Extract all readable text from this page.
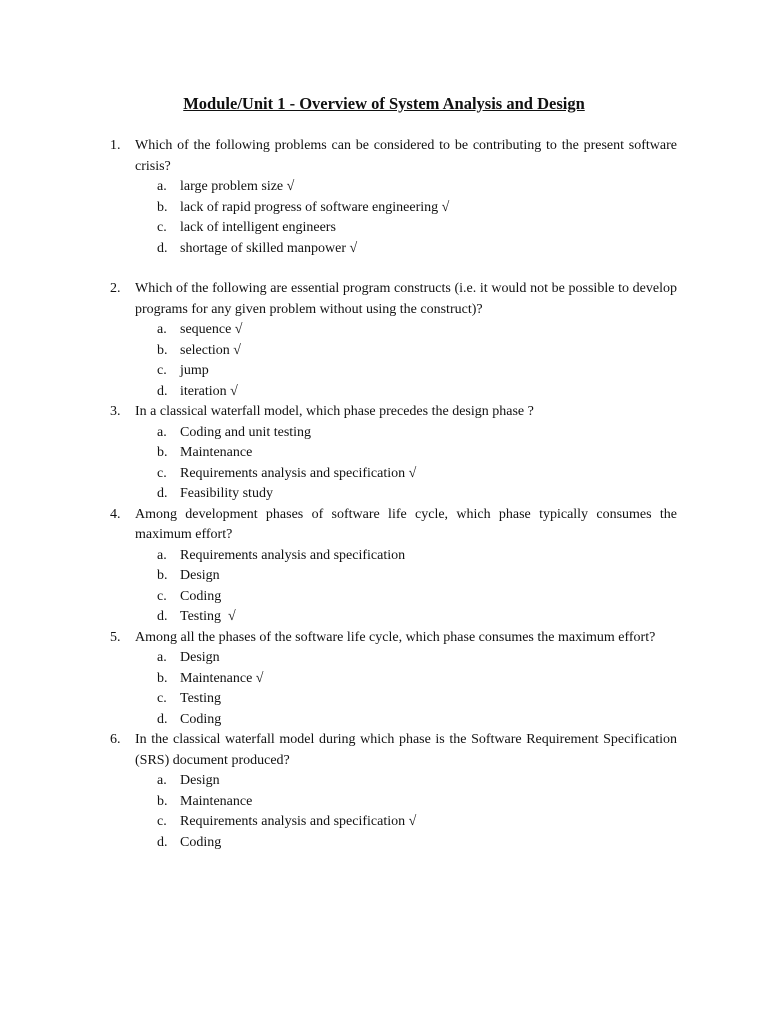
Module/Unit 1 - Overview of System Analysis and Design
1. Which of the following problems can be considered to be contributing to the present software crisis?
a. large problem size √
b. lack of rapid progress of software engineering √
c. lack of intelligent engineers
d. shortage of skilled manpower √
2. Which of the following are essential program constructs (i.e. it would not be possible to develop programs for any given problem without using the construct)?
a. sequence √
b. selection √
c. jump
d. iteration √
3. In a classical waterfall model, which phase precedes the design phase ?
a. Coding and unit testing
b. Maintenance
c. Requirements analysis and specification √
d. Feasibility study
4. Among development phases of software life cycle, which phase typically consumes the maximum effort?
a. Requirements analysis and specification
b. Design
c. Coding
d. Testing  √
5. Among all the phases of the software life cycle, which phase consumes the maximum effort?
a. Design
b. Maintenance √
c. Testing
d. Coding
6. In the classical waterfall model during which phase is the Software Requirement Specification (SRS) document produced?
a. Design
b. Maintenance
c. Requirements analysis and specification √
d. Coding
